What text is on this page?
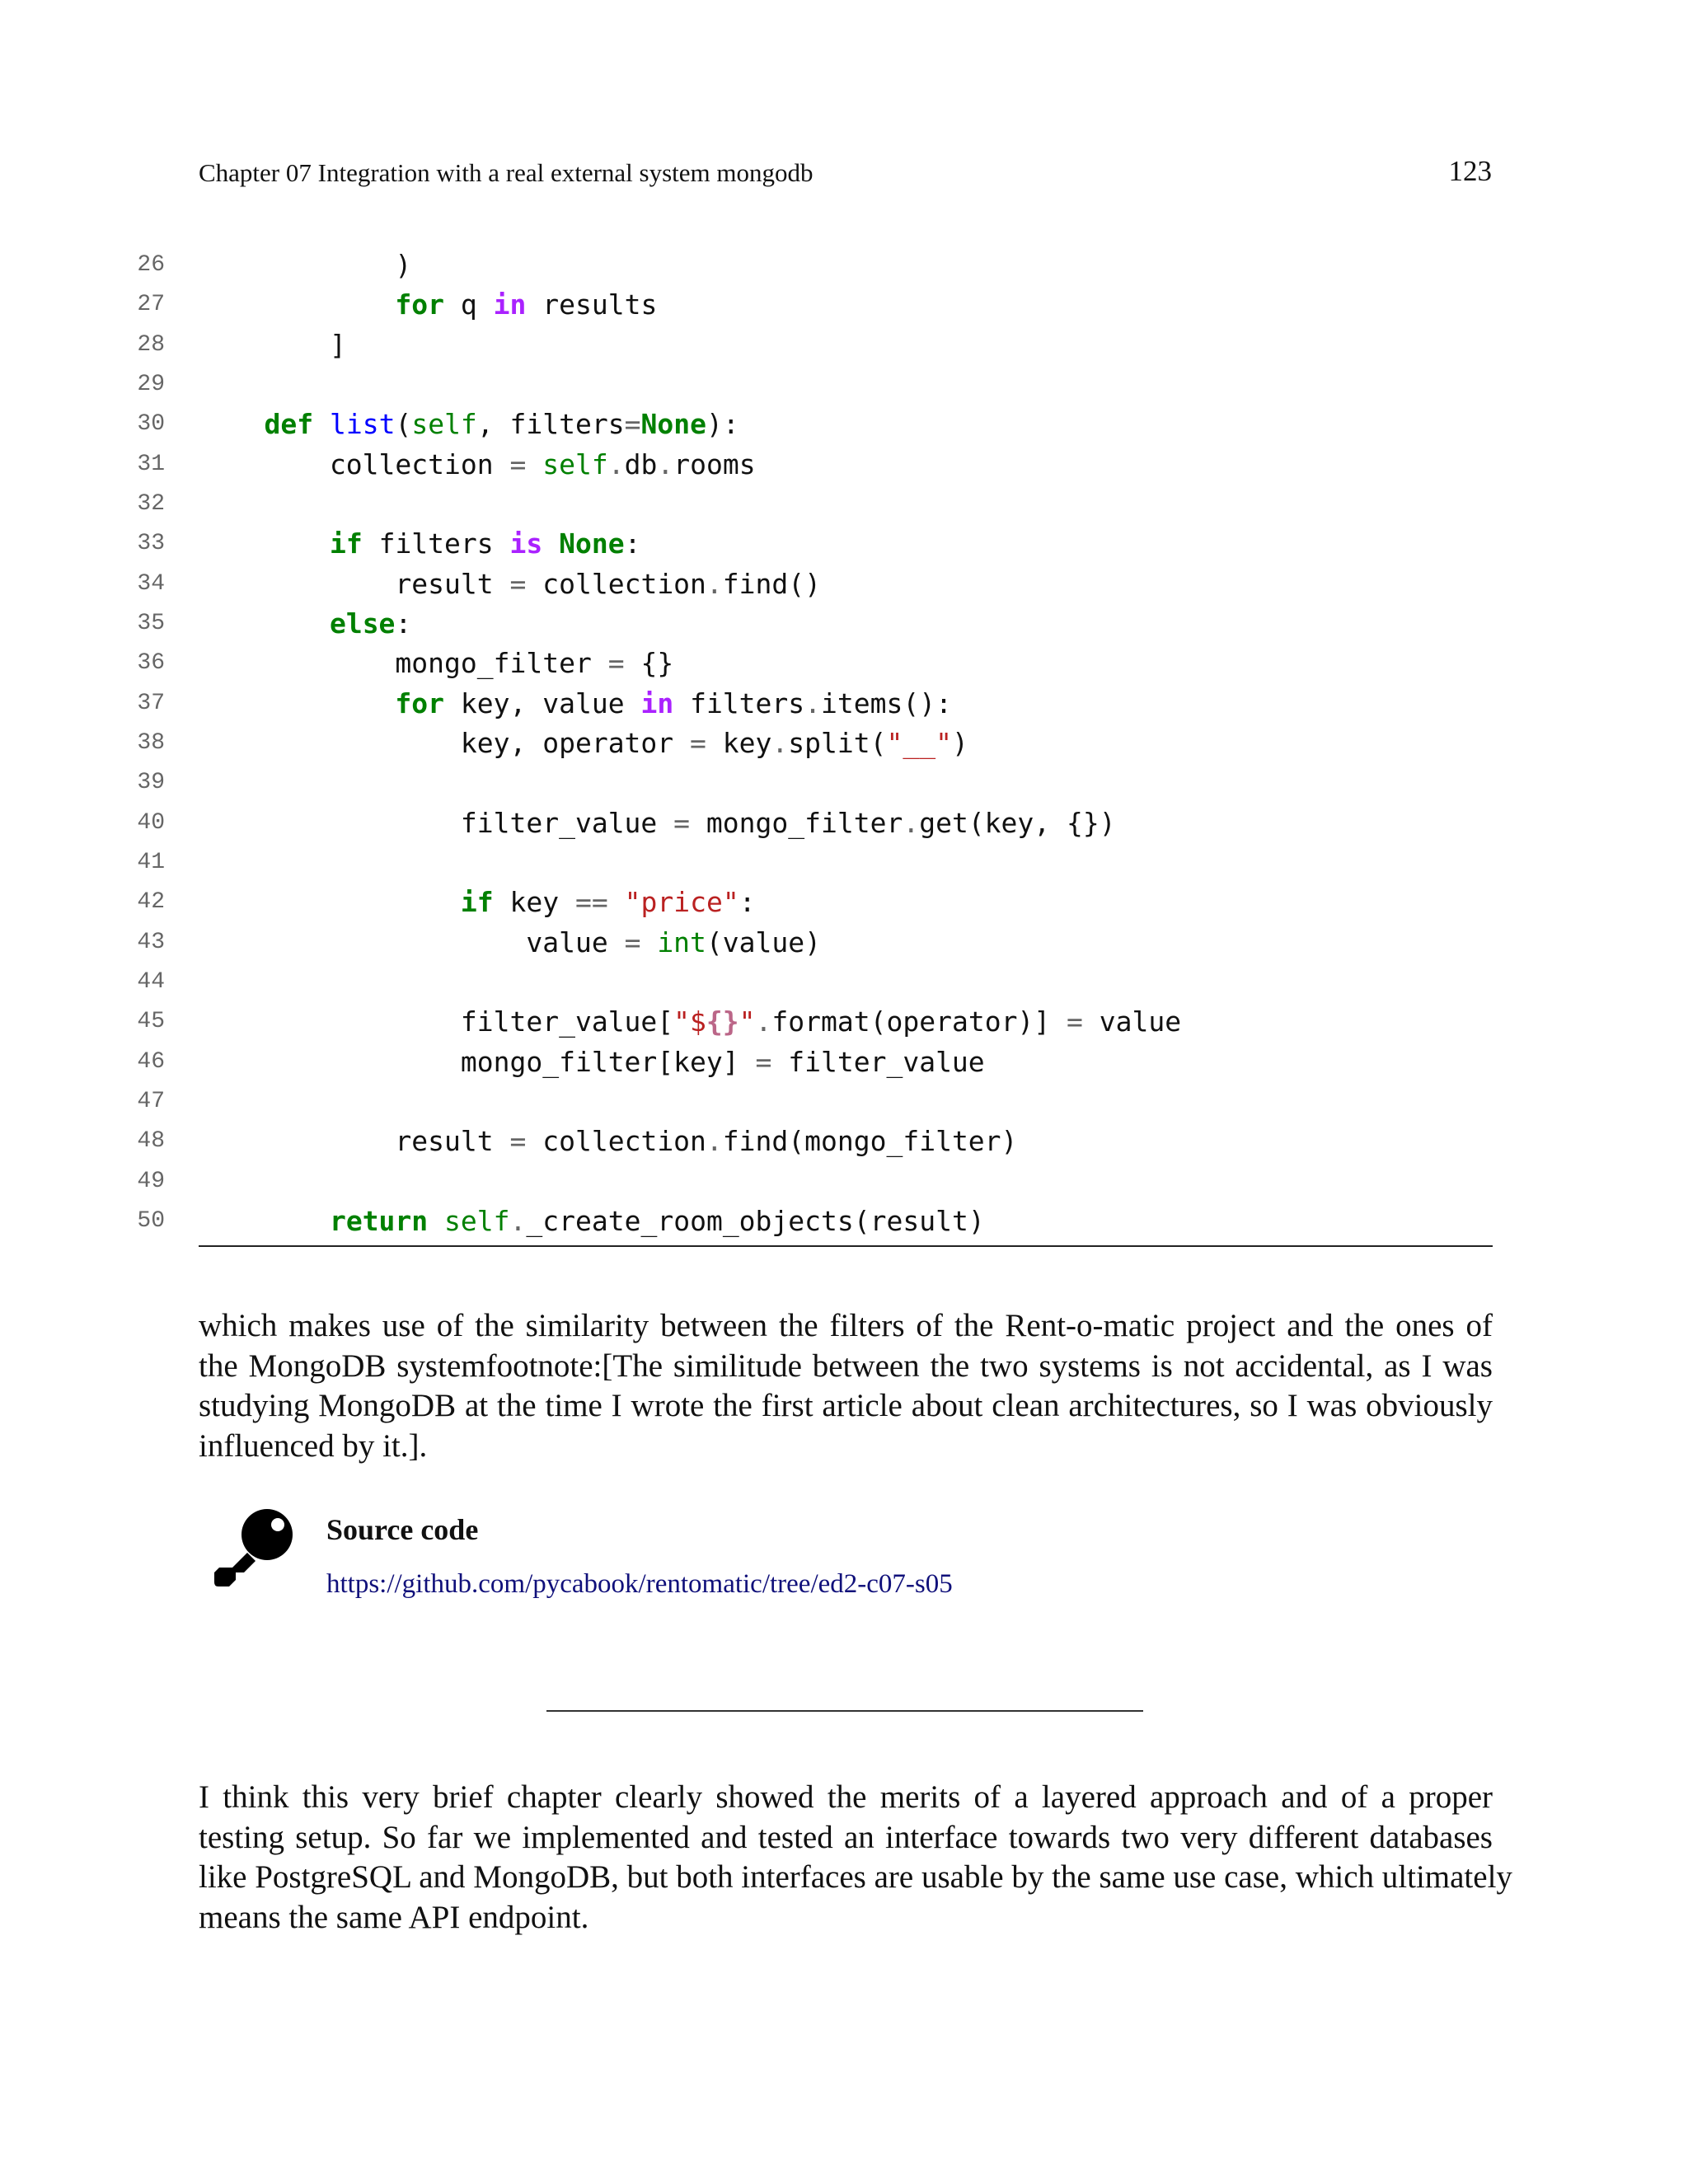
Chapter 07 Integration with a real external system mongodb	123
26 )
27	for q in results
28 ]
29
30	def list(self, filters=None):
31 collection = self.db.rooms
32
33	if filters is None:
34 result = collection.find()
35	else:
36 mongo_filter = {}
37	for key, value in filters.items():
38 key, operator = key.split("__")
39
40 filter_value = mongo_filter.get(key, {})
41
42	if key == "price":
43 value = int(value)
44
45 filter_value["${}".format(operator)] = value
46 mongo_filter[key] = filter_value
47
48 result = collection.find(mongo_filter)
49
50	return self._create_room_objects(result)
which makes use of the similarity between the filters of the Rent-o-matic project and the ones of
the MongoDB systemfootnote:[The similitude between the two systems is not accidental, as I was
studying MongoDB at the time I wrote the first article about clean architectures, so I was obviously
influenced by it.].
Source code
https://github.com/pycabook/rentomatic/tree/ed2-c07-s05
I think this very brief chapter clearly showed the merits of a layered approach and of a proper
testing setup. So far we implemented and tested an interface towards two very different databases
like PostgreSQL and MongoDB, but both interfaces are usable by the same use case, which ultimately
means the same API endpoint.
